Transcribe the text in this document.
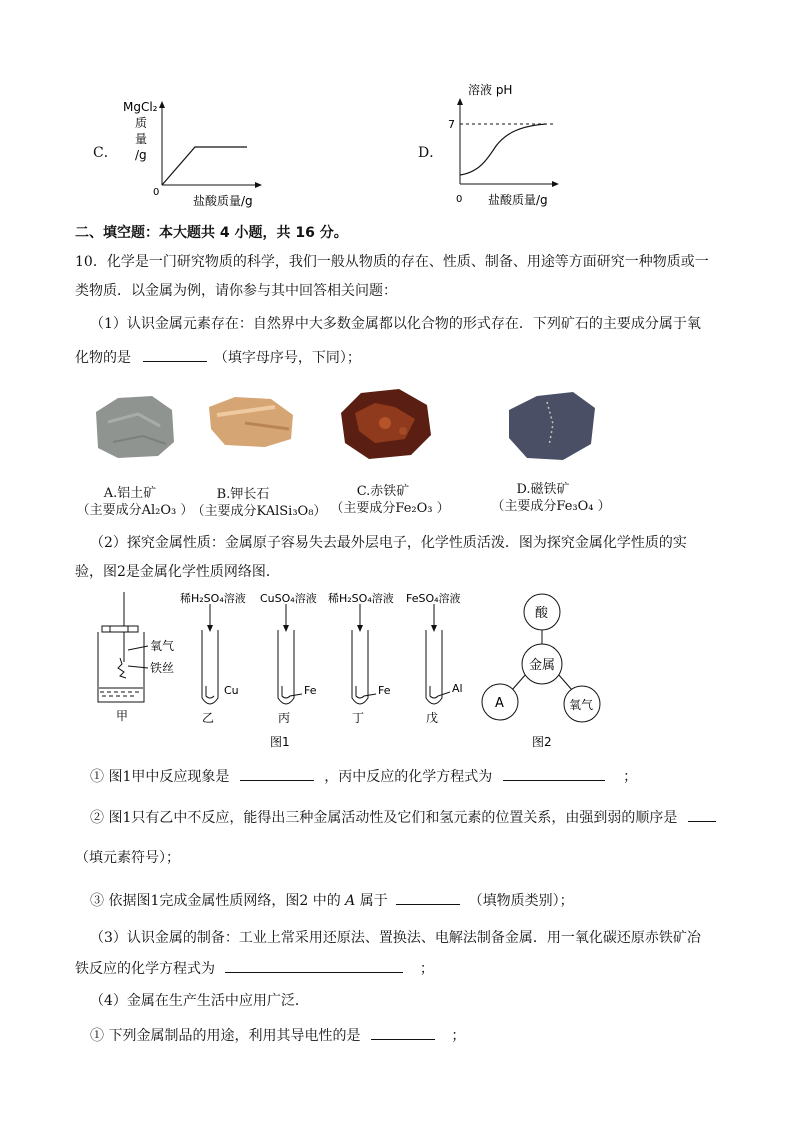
C．
MgCl₂
质
量
/g
0
盐酸质量/g
D．
溶液 pH
7
0 盐酸质量/g
二、填空题：本大题共 4 小题，共 16 分。
10．化学是一门研究物质的科学，我们一般从物质的存在、性质、制备、用途等方面研究一种物质或一
类物质．以金属为例，请你参与其中回答相关问题：
（1）认识金属元素存在：自然界中大多数金属都以化合物的形式存在．下列矿石的主要成分属于氧
化物的是	（填字母序号，下同）；
A.铝土矿
（主要成分Al₂O₃ ）
B.钾长石
（主要成分KAlSi₃O₈）
C.赤铁矿
（主要成分Fe₂O₃ ）
D.磁铁矿
（主要成分Fe₃O₄ ）
（2）探究金属性质：金属原子容易失去最外层电子，化学性质活泼．图为探究金属化学性质的实
验，图2是金属化学性质网络图．
氧气
铁丝
甲
稀H₂SO₄溶液
Cu
乙
CuSO₄溶液
Fe
丙
稀H₂SO₄溶液
Fe
丁
FeSO₄溶液
Al
戊
图1
酸
金属
A	氧气
图2
① 图1甲中反应现象是	，丙中反应的化学方程式为	；
② 图1只有乙中不反应，能得出三种金属活动性及它们和氢元素的位置关系，由强到弱的顺序是
（填元素符号）；
③ 依据图1完成金属性质网络，图2 中的 A 属于	（填物质类别）；
（3）认识金属的制备：工业上常采用还原法、置换法、电解法制备金属．用一氧化碳还原赤铁矿冶
铁反应的化学方程式为	；
（4）金属在生产生活中应用广泛．
① 下列金属制品的用途，利用其导电性的是	；
